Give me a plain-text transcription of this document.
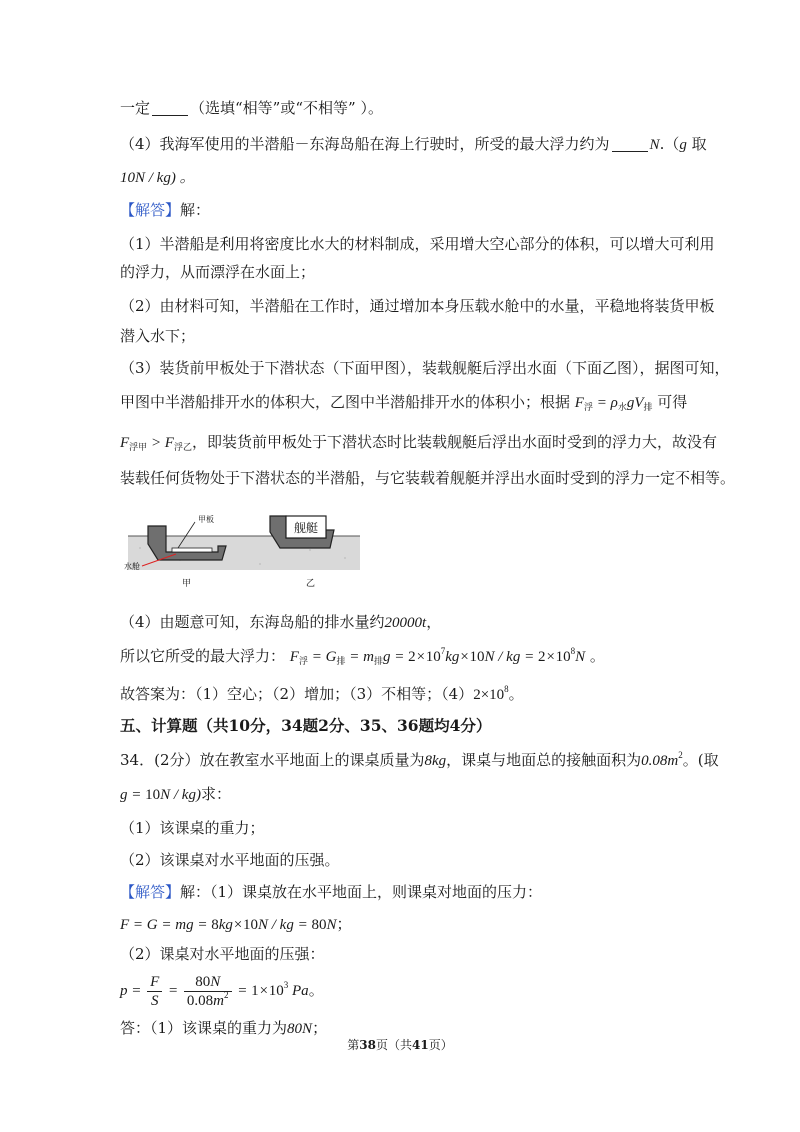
一定	（选填“相等”或“不相等” ）。
（4）我海军使用的半潜船－东海岛船在海上行驶时，所受的最大浮力约为	N.（g 取
10N / kg) 。
【解答】解：
（1）半潜船是利用将密度比水大的材料制成，采用增大空心部分的体积，可以增大可利用
的浮力，从而漂浮在水面上；
（2）由材料可知，半潜船在工作时，通过增加本身压载水舱中的水量，平稳地将装货甲板
潜入水下；
（3）装货前甲板处于下潜状态（下面甲图），装载舰艇后浮出水面（下面乙图），据图可知，
甲图中半潜船排开水的体积大，乙图中半潜船排开水的体积小；根据 $F_浮 = \rho_水gV_排$ 可得
$F_{浮甲} > F_{浮乙}$，即装货前甲板处于下潜状态时比装载舰艇后浮出水面时受到的浮力大，故没有
装载任何货物处于下潜状态的半潜船，与它装载着舰艇并浮出水面时受到的浮力一定不相等。
舰艇
甲板
水舱
甲	乙
（4）由题意可知，东海岛船的排水量约20000t，
所以它所受的最大浮力： $F_浮 = G_排 = m_排g = 2\times 10^7kg\times 10N$ / kg = $2\times 10^8N$ 。
故答案为：（1）空心；（2）增加；（3）不相等；$(4)2\times 10^8$。
五、计算题（共10分，34题2分、35、36题均4分）
34．(2分）放在教室水平地面上的课桌质量为8kg，课桌与地面总的接触面积为$0.08m^2$。(取
g = 10N / kg)求：
（1）该课桌的重力；
（2）该课桌对水平地面的压强。
【解答】解：（1）课桌放在水平地面上，则课桌对地面的压力：
F = G = mg = 8kg×10N / kg = 80N；
（2）课桌对水平地面的压强：
$p = \frac{F}{S} = \frac{80N}{0.08m^2} = 1\times 10^3$ Pa。
答：（1）该课桌的重力为80N；
第38页（共41页）
